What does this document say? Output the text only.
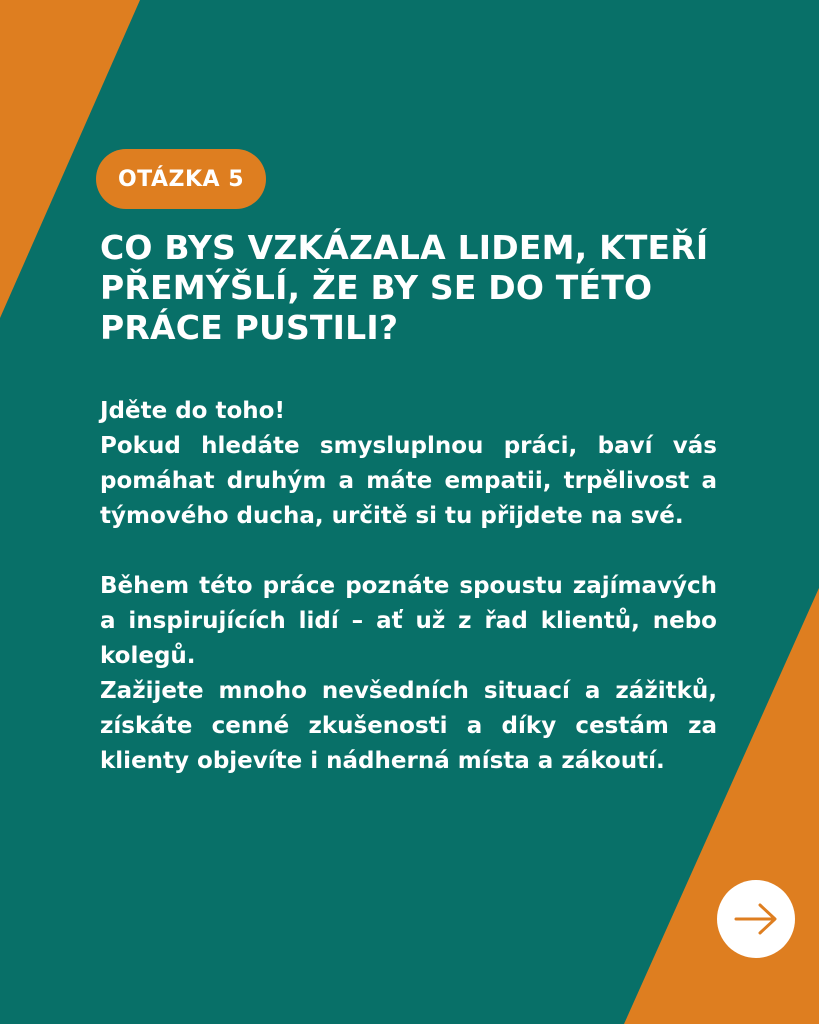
OTÁZKA 5
CO BYS VZKÁZALA LIDEM, KTEŘÍ
PŘEMÝŠLÍ, ŽE BY SE DO TÉTO
PRÁCE PUSTILI?

Jděte do toho!

Pokud hledáte smysluplnou práci, baví vás pomáhat druhým a máte empatii, trpělivost a týmového ducha, určitě si tu přijdete na své.

Během této práce poznáte spoustu zajímavých a inspirujících lidí – ať už z řad klientů, nebo kolegů.

Zažijete mnoho nevšedních situací a zážitků, získáte cenné zkušenosti a díky cestám za klienty objevíte i nádherná místa a zákoutí.
